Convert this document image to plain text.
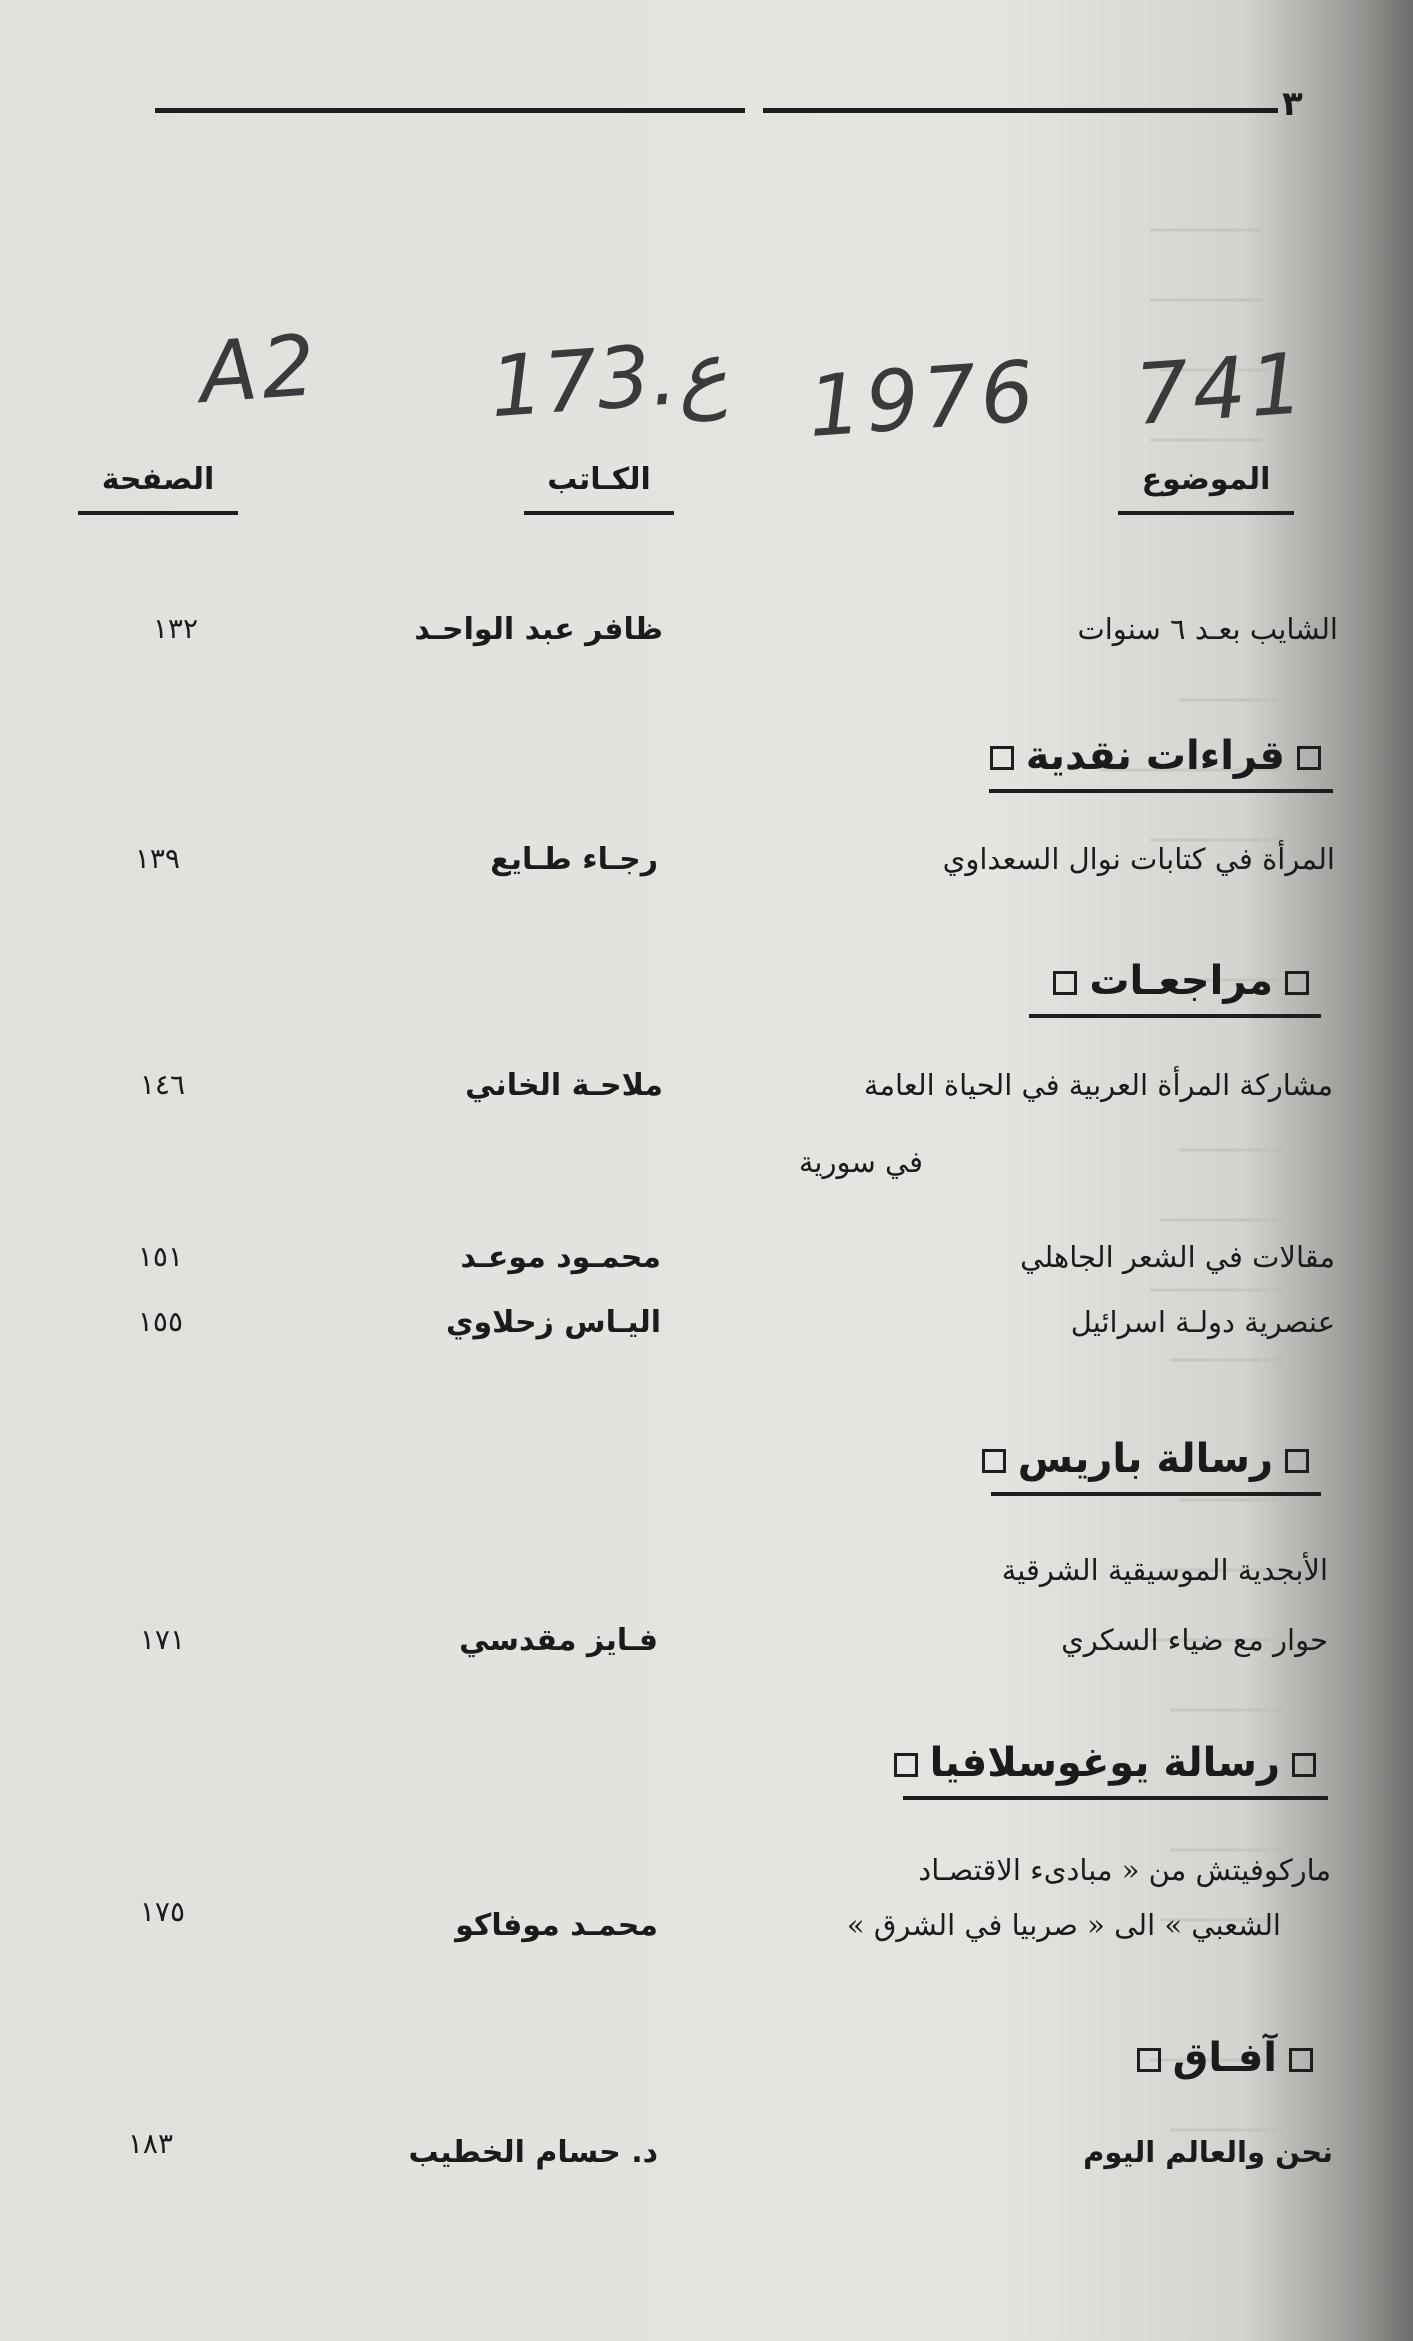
٣
A2 173.ع 1976 741
الموضوع
الكـاتب
الصفحة
الشايب بعـد ٦ سنوات
ظافر عبد الواحـد
١٣٢
قراءات نقدية
المرأة في كتابات نوال السعداوي
رجـاء طـايع
١٣٩
مراجعـات
مشاركة المرأة العربية في الحياة العامة
في سورية
ملاحـة الخاني
١٤٦
مقالات في الشعر الجاهلي
محمـود موعـد
١٥١
عنصرية دولـة اسرائيل
اليـاس زحلاوي
١٥٥
رسالة باريس
الأبجدية الموسيقية الشرقية
حوار مع ضياء السكري
فـايز مقدسي
١٧١
رسالة يوغوسلافيا
ماركوفيتش من « مبادىء الاقتصـاد
الشعبي » الى « صربيا في الشرق »
محمـد موفاكو
١٧٥
آفـاق
نحن والعالم اليوم
د. حسام الخطيب
١٨٣
